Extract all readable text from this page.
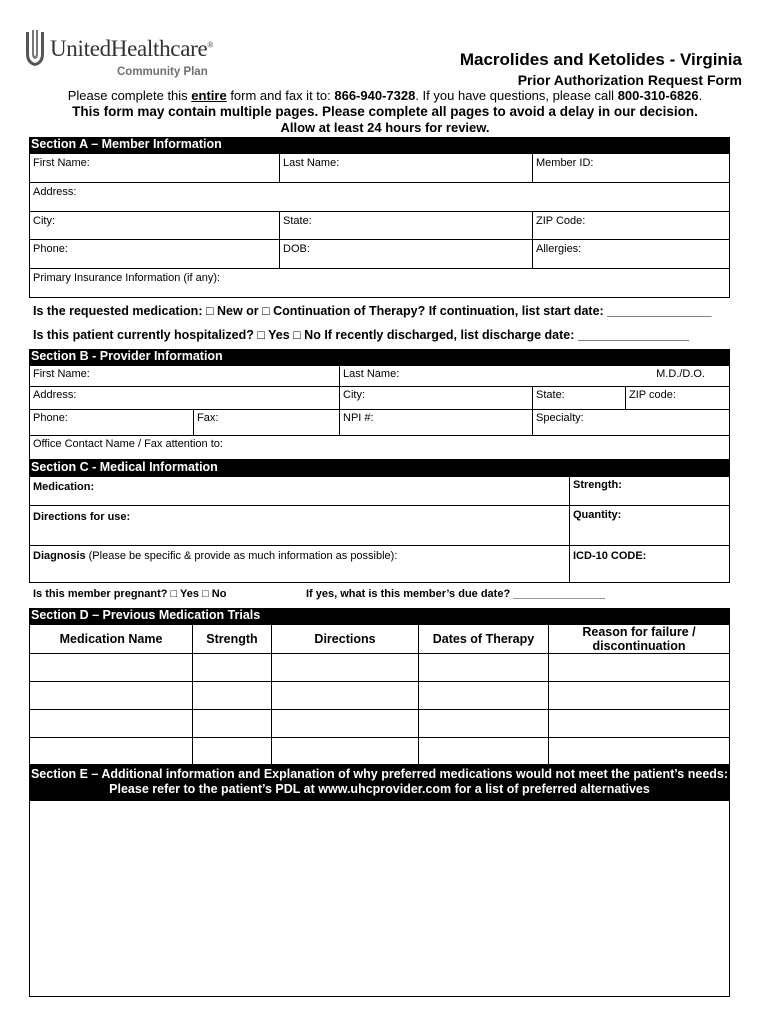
UnitedHealthcare®
Community Plan
Macrolides and Ketolides - Virginia
Prior Authorization Request Form
Please complete this entire form and fax it to: 866-940-7328. If you have questions, please call 800-310-6826.
This form may contain multiple pages. Please complete all pages to avoid a delay in our decision.
Allow at least 24 hours for review.
Section A – Member Information
First Name:	Last Name:	Member ID:
Address:
City:	State:	ZIP Code:
Phone:	DOB:	Allergies:
Primary Insurance Information (if any):
Is the requested medication: □ New or □ Continuation of Therapy? If continuation, list start date: _______________
Is this patient currently hospitalized? □ Yes □ No If recently discharged, list discharge date: ________________
Section B - Provider Information
First Name:	Last Name:	M.D./D.O.
Address:	City:	State:	ZIP code:
Phone:	Fax:	NPI #:	Specialty:
Office Contact Name / Fax attention to:
Section C - Medical Information
Medication:	Strength:
Directions for use:	Quantity:
Diagnosis (Please be specific & provide as much information as possible):	ICD-10 CODE:
Is this member pregnant? □ Yes □ No	If yes, what is this member’s due date? _______________
Section D – Previous Medication Trials
Medication Name	Strength	Directions	Dates of Therapy	Reason for failure / discontinuation
Section E – Additional information and Explanation of why preferred medications would not meet the patient’s needs:
Please refer to the patient’s PDL at www.uhcprovider.com for a list of preferred alternatives
